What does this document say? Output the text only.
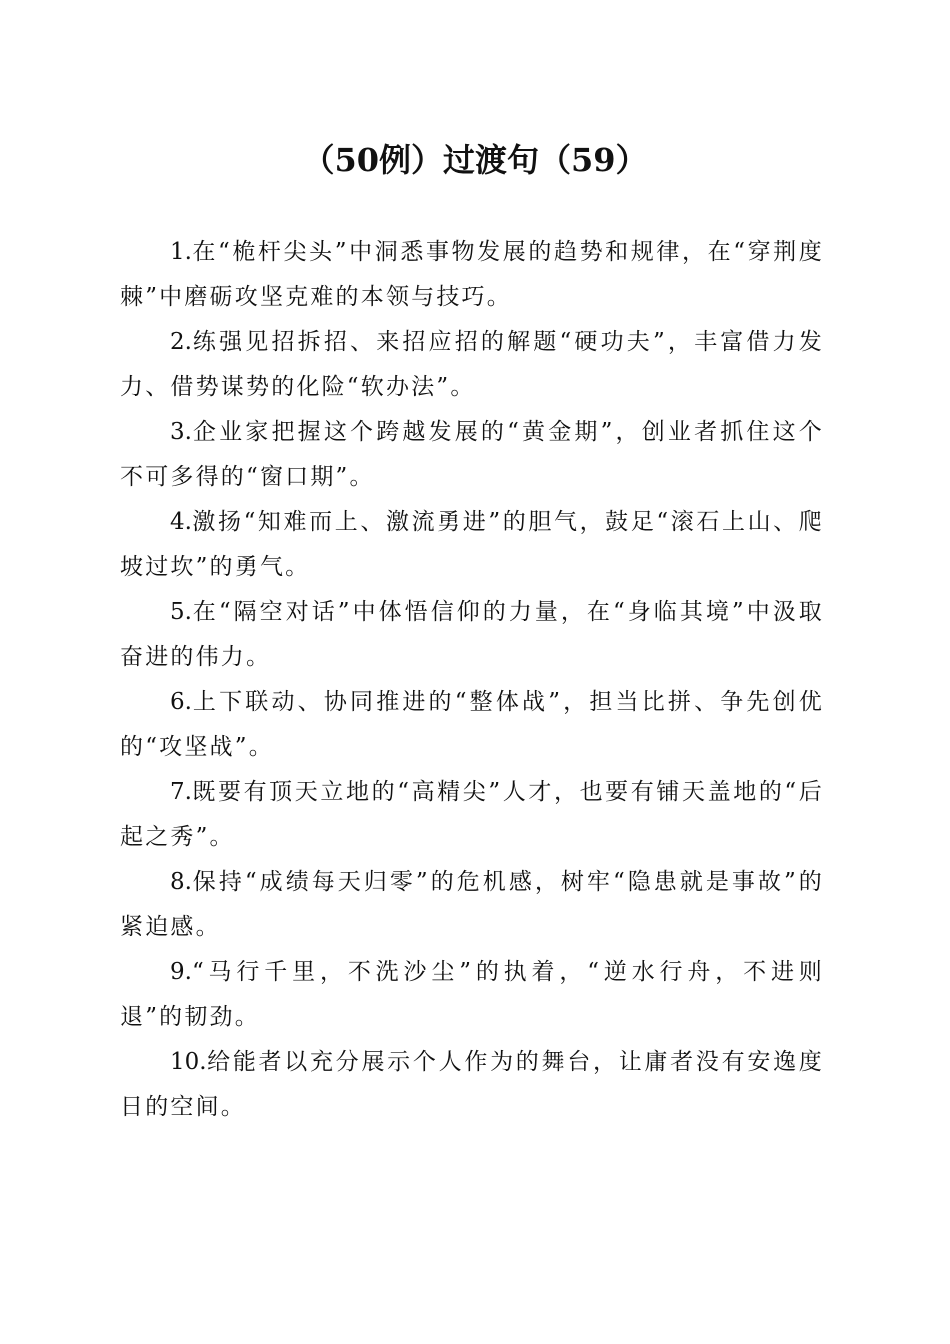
（50例）过渡句（59）

1.在“桅杆尖头”中洞悉事物发展的趋势和规律，在“穿荆度棘”中磨砺攻坚克难的本领与技巧。

2.练强见招拆招、来招应招的解题“硬功夫”，丰富借力发力、借势谋势的化险“软办法”。

3.企业家把握这个跨越发展的“黄金期”，创业者抓住这个不可多得的“窗口期”。

4.激扬“知难而上、激流勇进”的胆气，鼓足“滚石上山、爬坡过坎”的勇气。

5.在“隔空对话”中体悟信仰的力量，在“身临其境”中汲取奋进的伟力。

6.上下联动、协同推进的“整体战”，担当比拼、争先创优的“攻坚战”。

7.既要有顶天立地的“高精尖”人才，也要有铺天盖地的“后起之秀”。

8.保持“成绩每天归零”的危机感，树牢“隐患就是事故”的紧迫感。

9.“马行千里，不洗沙尘”的执着，“逆水行舟，不进则退”的韧劲。

10.给能者以充分展示个人作为的舞台，让庸者没有安逸度日的空间。
